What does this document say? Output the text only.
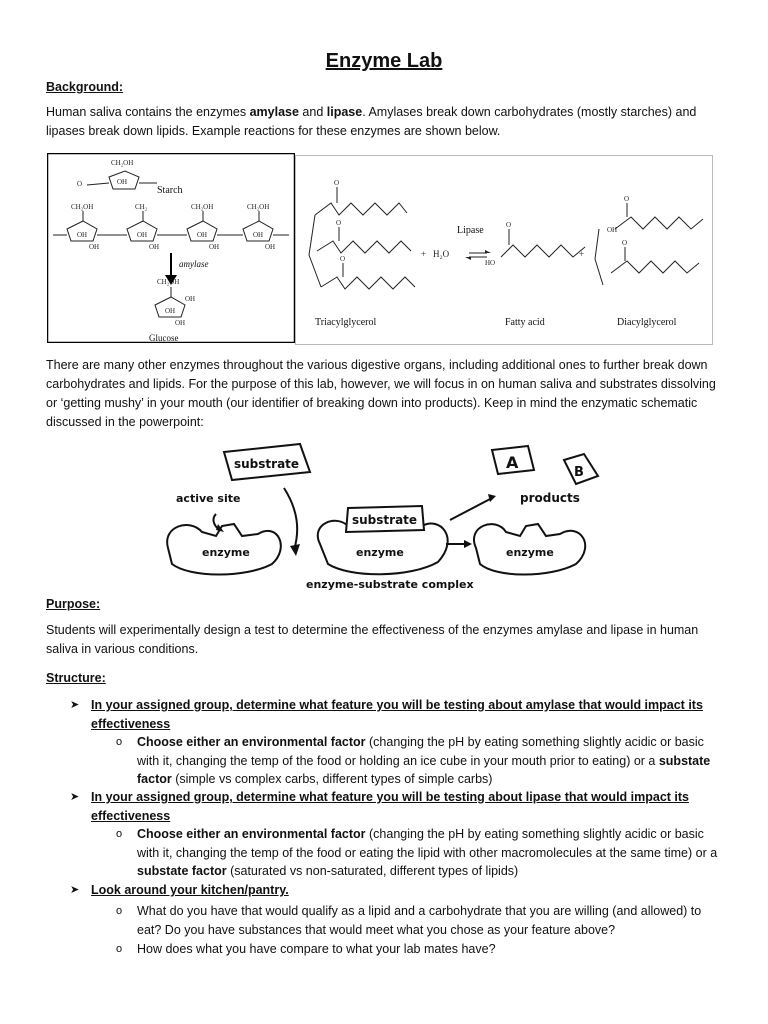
Enzyme Lab
Background:
Human saliva contains the enzymes amylase and lipase. Amylases break down carbohydrates (mostly starches) and lipases break down lipids. Example reactions for these enzymes are shown below.
CH₂OH
OH
O
CH₂OH	CH₂	CH₂OH	CH₂OH
OH	OH	OH	OH
OH	OH	OH	OH
CH₂OH
OH
OH
OH
Starch
amylase
Glucose
O
O
O
O
O
O
HO
OH
+ H₂O	+
Lipase
Triacylglycerol	Fatty acid	Diacylglycerol
There are many other enzymes throughout the various digestive organs, including additional ones to further break down carbohydrates and lipids. For the purpose of this lab, however, we will focus in on human saliva and substrates dissolving or ‘getting mushy’ in your mouth (our identifier of breaking down into products). Keep in mind the enzymatic schematic discussed in the powerpoint:
substrate
active site
enzyme
substrate
enzyme
enzyme-substrate complex
enzyme
products
A
B
Purpose:
Students will experimentally design a test to determine the effectiveness of the enzymes amylase and lipase in human saliva in various conditions.
Structure:
➤ In your assigned group, determine what feature you will be testing about amylase that would impact its effectiveness
o Choose either an environmental factor (changing the pH by eating something slightly acidic or basic with it, changing the temp of the food or holding an ice cube in your mouth prior to eating) or a substate factor (simple vs complex carbs, different types of simple carbs)
➤ In your assigned group, determine what feature you will be testing about lipase that would impact its effectiveness
o Choose either an environmental factor (changing the pH by eating something slightly acidic or basic with it, changing the temp of the food or eating the lipid with other macromolecules at the same time) or a substate factor (saturated vs non-saturated, different types of lipids)
➤ Look around your kitchen/pantry.
o What do you have that would qualify as a lipid and a carbohydrate that you are willing (and allowed) to eat? Do you have substances that would meet what you chose as your feature above?
o How does what you have compare to what your lab mates have?
